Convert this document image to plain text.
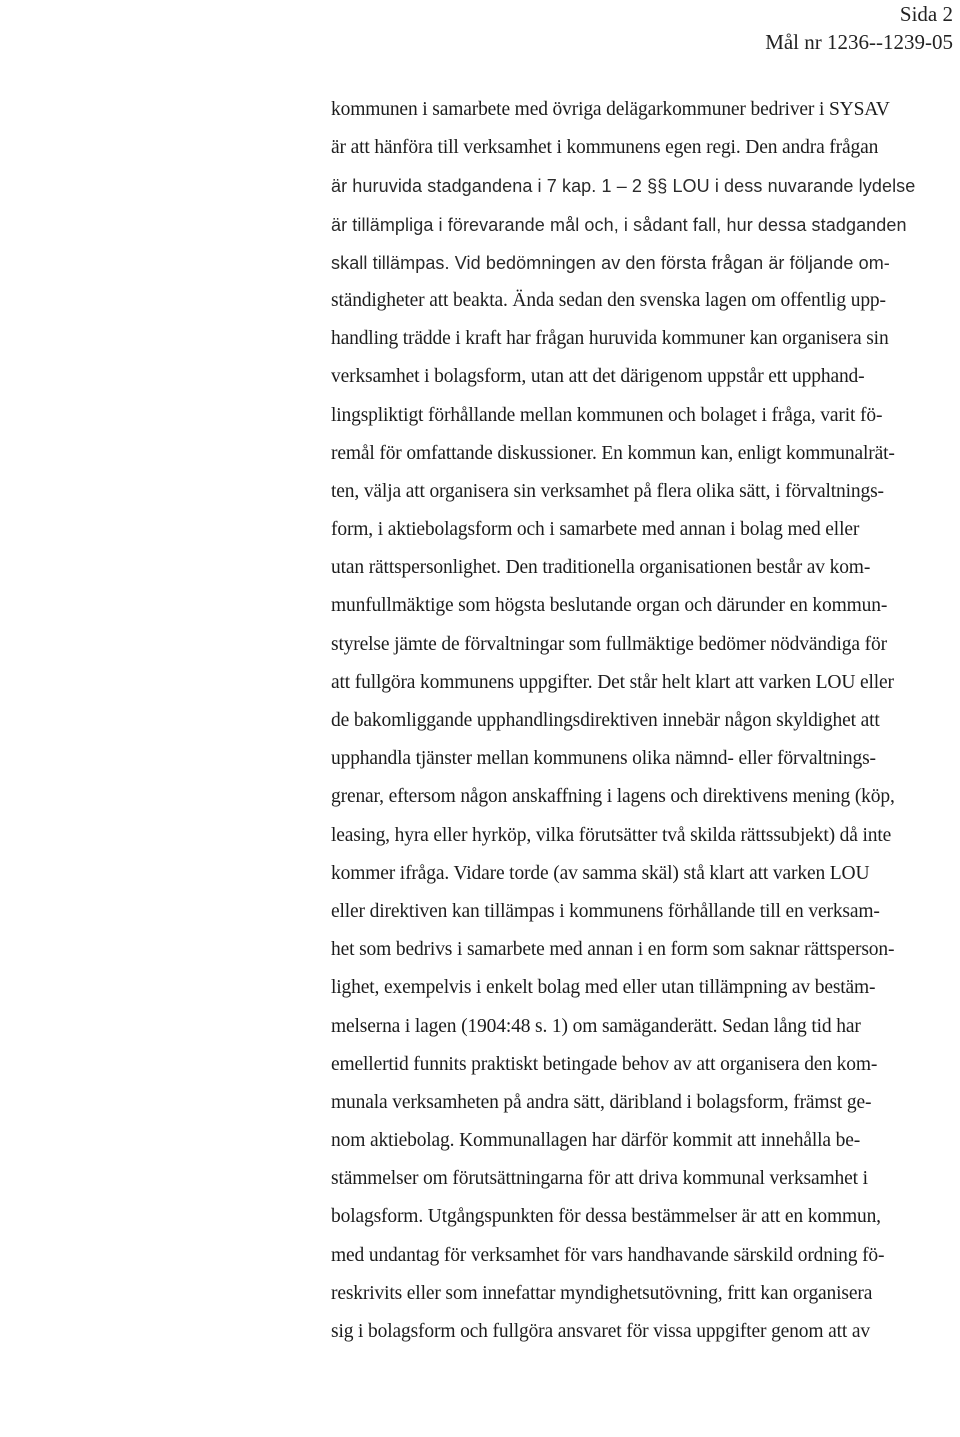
Sida 2
Mål nr 1236--1239-05
kommunen i samarbete med övriga delägarkommuner bedriver i SYSAV
är att hänföra till verksamhet i kommunens egen regi. Den andra frågan
är huruvida stadgandena i 7 kap. 1 – 2 §§ LOU i dess nuvarande lydelse
är tillämpliga i förevarande mål och, i sådant fall, hur dessa stadganden
skall tillämpas. Vid bedömningen av den första frågan är följande om-
ständigheter att beakta. Ända sedan den svenska lagen om offentlig upp-
handling trädde i kraft har frågan huruvida kommuner kan organisera sin
verksamhet i bolagsform, utan att det därigenom uppstår ett upphand-
lingspliktigt förhållande mellan kommunen och bolaget i fråga, varit fö-
remål för omfattande diskussioner. En kommun kan, enligt kommunalrät-
ten, välja att organisera sin verksamhet på flera olika sätt, i förvaltnings-
form, i aktiebolagsform och i samarbete med annan i bolag med eller
utan rättspersonlighet. Den traditionella organisationen består av kom-
munfullmäktige som högsta beslutande organ och därunder en kommun-
styrelse jämte de förvaltningar som fullmäktige bedömer nödvändiga för
att fullgöra kommunens uppgifter. Det står helt klart att varken LOU eller
de bakomliggande upphandlingsdirektiven innebär någon skyldighet att
upphandla tjänster mellan kommunens olika nämnd- eller förvaltnings-
grenar, eftersom någon anskaffning i lagens och direktivens mening (köp,
leasing, hyra eller hyrköp, vilka förutsätter två skilda rättssubjekt) då inte
kommer ifråga. Vidare torde (av samma skäl) stå klart att varken LOU
eller direktiven kan tillämpas i kommunens förhållande till en verksam-
het som bedrivs i samarbete med annan i en form som saknar rättsperson-
lighet, exempelvis i enkelt bolag med eller utan tillämpning av bestäm-
melserna i lagen (1904:48 s. 1) om samäganderätt. Sedan lång tid har
emellertid funnits praktiskt betingade behov av att organisera den kom-
munala verksamheten på andra sätt, däribland i bolagsform, främst ge-
nom aktiebolag. Kommunallagen har därför kommit att innehålla be-
stämmelser om förutsättningarna för att driva kommunal verksamhet i
bolagsform. Utgångspunkten för dessa bestämmelser är att en kommun,
med undantag för verksamhet för vars handhavande särskild ordning fö-
reskrivits eller som innefattar myndighetsutövning, fritt kan organisera
sig i bolagsform och fullgöra ansvaret för vissa uppgifter genom att av
